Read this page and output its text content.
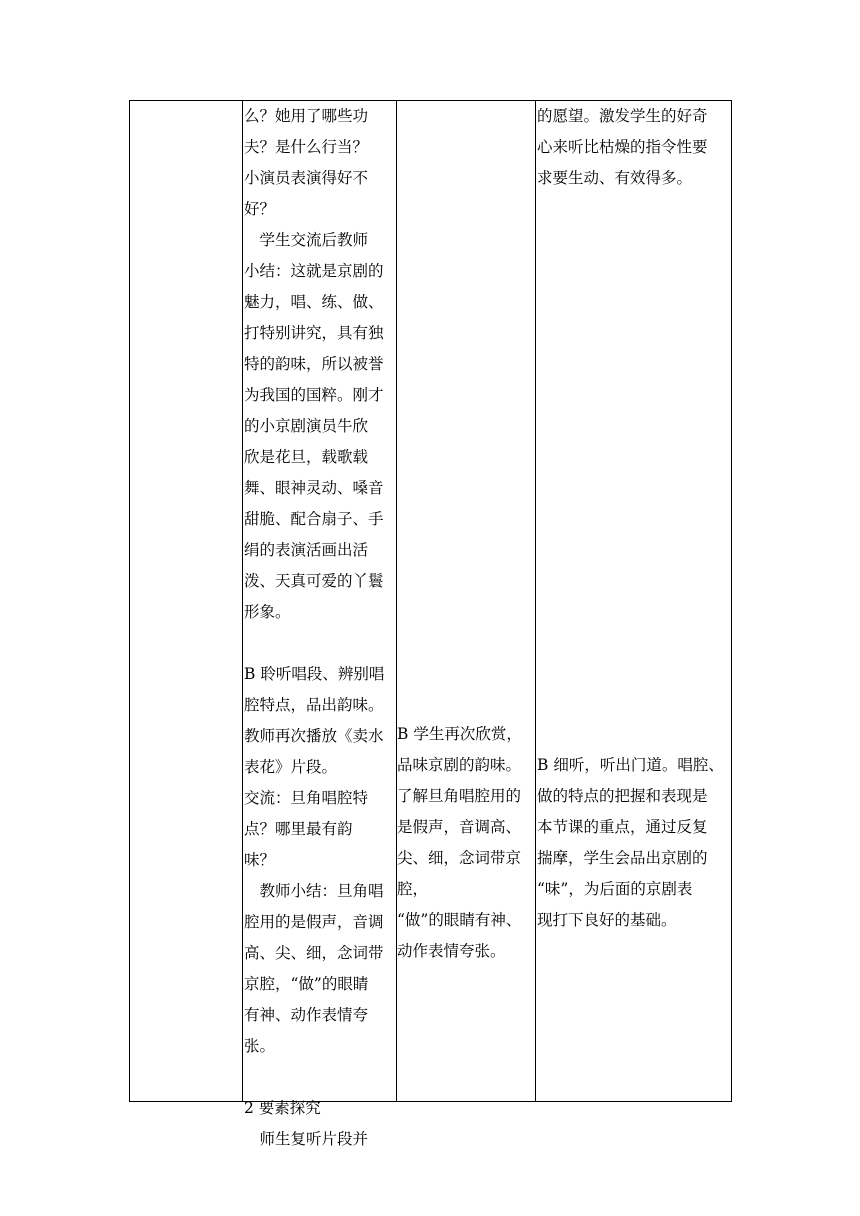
么？她用了哪些功

夫？是什么行当？

小演员表演得好不

好？

　学生交流后教师

小结：这就是京剧的

魅力，唱、练、做、

打特别讲究，具有独

特的韵味，所以被誉

为我国的国粹。刚才

的小京剧演员牛欣

欣是花旦，载歌载

舞、眼神灵动、嗓音

甜脆、配合扇子、手

绢的表演活画出活

泼、天真可爱的丫鬟

形象。

B 聆听唱段、辨别唱

腔特点，品出韵味。

教师再次播放《卖水

表花》片段。

交流：旦角唱腔特

点？哪里最有韵

味？

　教师小结：旦角唱

腔用的是假声，音调

高、尖、细，念词带

京腔，“做”的眼睛

有神、动作表情夸

张。

2 要素探究

　师生复听片段并

B 学生再次欣赏，

品味京剧的韵味。

了解旦角唱腔用的

是假声，音调高、

尖、细，念词带京

腔，

“做”的眼睛有神、

动作表情夸张。

的愿望。激发学生的好奇

心来听比枯燥的指令性要

求要生动、有效得多。

B 细听，听出门道。唱腔、

做的特点的把握和表现是

本节课的重点，通过反复

揣摩，学生会品出京剧的

“味”，为后面的京剧表

现打下良好的基础。
